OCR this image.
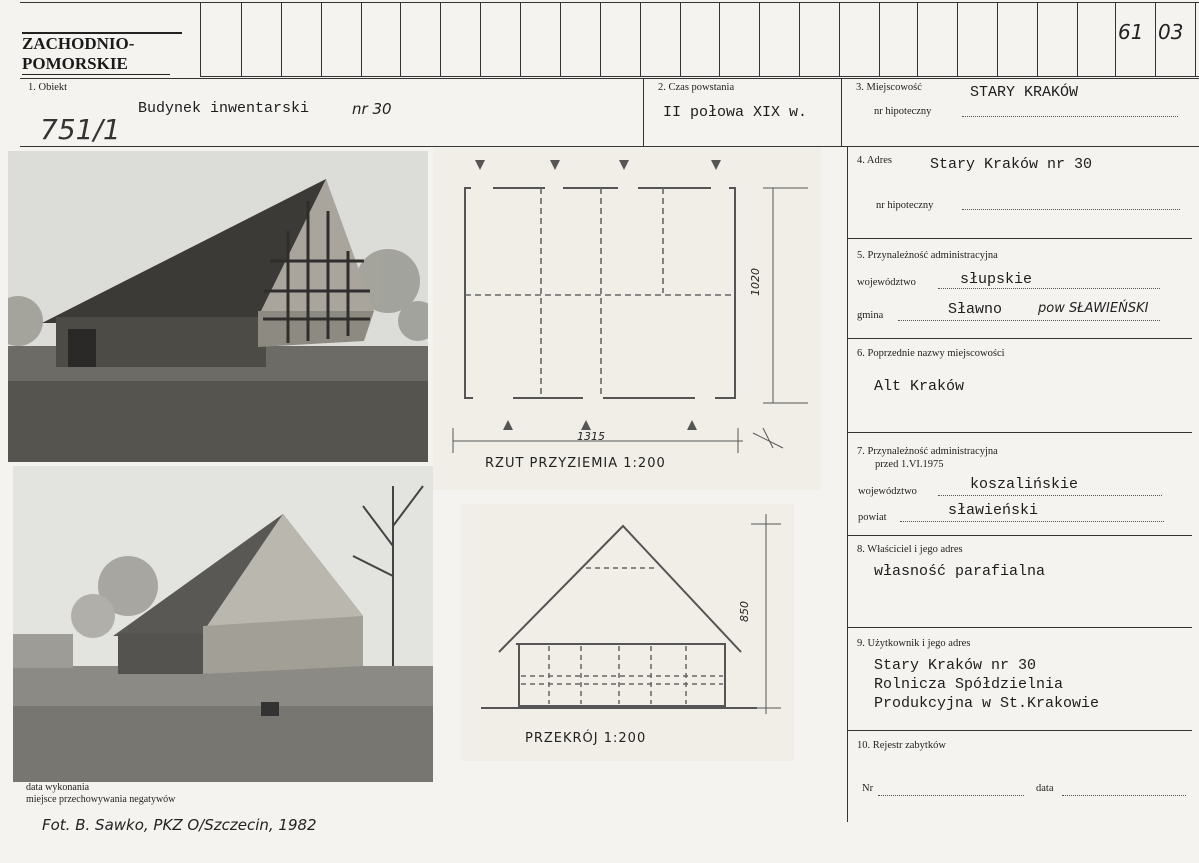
ZACHODNIO-
POMORSKIE
61 03
1. Obiekt
Budynek inwentarski	nr 30
751/1
2. Czas powstania
II połowa XIX w.
3. Miejscowość	STARY KRAKÓW
nr hipoteczny
4. Adres	Stary Kraków nr 30
nr hipoteczny
5. Przynależność administracyjna
województwo	słupskie
gmina	Sławno	pow SŁAWIEŃSKI
6. Poprzednie nazwy miejscowości
Alt Kraków
7. Przynależność administracyjna
przed 1.VI.1975
województwo	koszalińskie
powiat	sławieński
8. Właściciel i jego adres
własność parafialna
9. Użytkownik i jego adres
Stary Kraków nr 30
Rolnicza Spółdzielnia
Produkcyjna w St.Krakowie
10. Rejestr zabytków
Nr	data
1020
1315
RZUT PRZYZIEMIA 1:200
850
PRZEKRÓJ 1:200
data wykonania
miejsce przechowywania negatywów
Fot. B. Sawko, PKZ O/Szczecin, 1982
